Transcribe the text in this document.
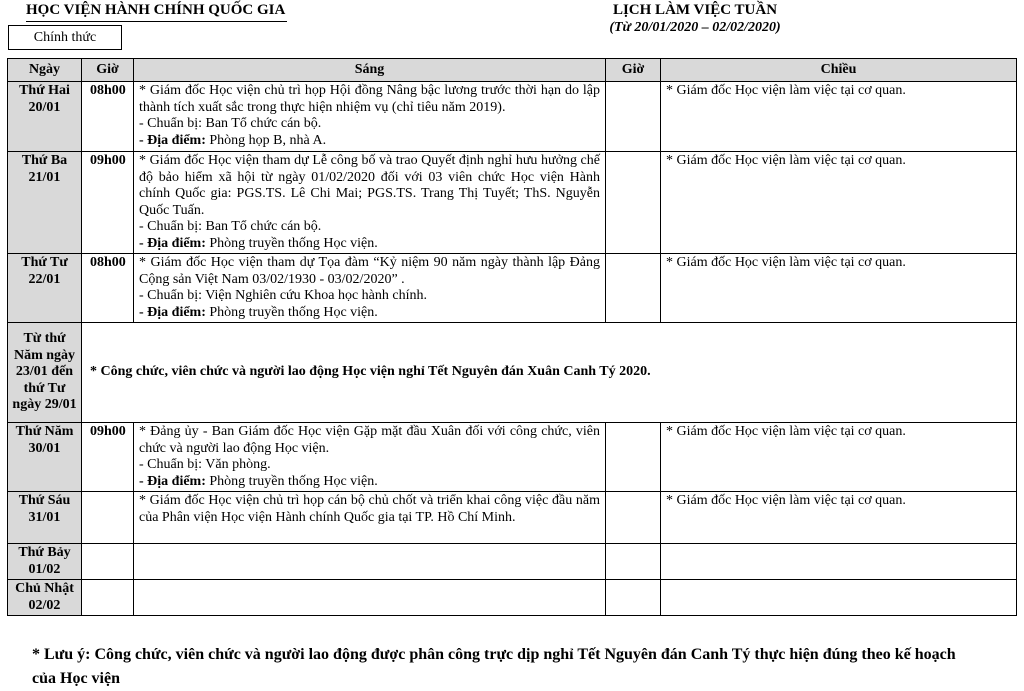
HỌC VIỆN HÀNH CHÍNH QUỐC GIA
Chính thức
LỊCH LÀM VIỆC TUẦN
(Từ 20/01/2020 – 02/02/2020)
Ngày	Giờ	Sáng	Giờ	Chiều
Thứ Hai 20/01	08h00	* Giám đốc Học viện chủ trì họp Hội đồng Nâng bậc lương trước thời hạn do lập thành tích xuất sắc trong thực hiện nhiệm vụ (chỉ tiêu năm 2019).
- Chuẩn bị: Ban Tổ chức cán bộ.
- Địa điểm: Phòng họp B, nhà A.		* Giám đốc Học viện làm việc tại cơ quan.
Thứ Ba 21/01	09h00	* Giám đốc Học viện tham dự Lễ công bố và trao Quyết định nghỉ hưu hưởng chế độ bảo hiểm xã hội từ ngày 01/02/2020 đối với 03 viên chức Học viện Hành chính Quốc gia: PGS.TS. Lê Chi Mai; PGS.TS. Trang Thị Tuyết; ThS. Nguyễn Quốc Tuấn.
- Chuẩn bị: Ban Tổ chức cán bộ.
- Địa điểm: Phòng truyền thống Học viện.		* Giám đốc Học viện làm việc tại cơ quan.
Thứ Tư 22/01	08h00	* Giám đốc Học viện tham dự Tọa đàm “Kỷ niệm 90 năm ngày thành lập Đảng Cộng sản Việt Nam 03/02/1930 - 03/02/2020” .
- Chuẩn bị: Viện Nghiên cứu Khoa học hành chính.
- Địa điểm: Phòng truyền thống Học viện.		* Giám đốc Học viện làm việc tại cơ quan.
Từ thứ Năm ngày 23/01 đến thứ Tư ngày 29/01	* Công chức, viên chức và người lao động Học viện nghỉ Tết Nguyên đán Xuân Canh Tý 2020.			
Thứ Năm 30/01	09h00	* Đảng ủy - Ban Giám đốc Học viện Gặp mặt đầu Xuân đối với công chức, viên chức và người lao động Học viện.
- Chuẩn bị: Văn phòng.
- Địa điểm: Phòng truyền thống Học viện.		* Giám đốc Học viện làm việc tại cơ quan.
Thứ Sáu 31/01		* Giám đốc Học viện chủ trì họp cán bộ chủ chốt và triển khai công việc đầu năm của Phân viện Học viện Hành chính Quốc gia tại TP. Hồ Chí Minh.		* Giám đốc Học viện làm việc tại cơ quan.
Thứ Bảy 01/02				
Chủ Nhật 02/02				
* Lưu ý: Công chức, viên chức và người lao động được phân công trực dịp nghỉ Tết Nguyên đán Canh Tý thực hiện đúng theo kế hoạch của Học viện
